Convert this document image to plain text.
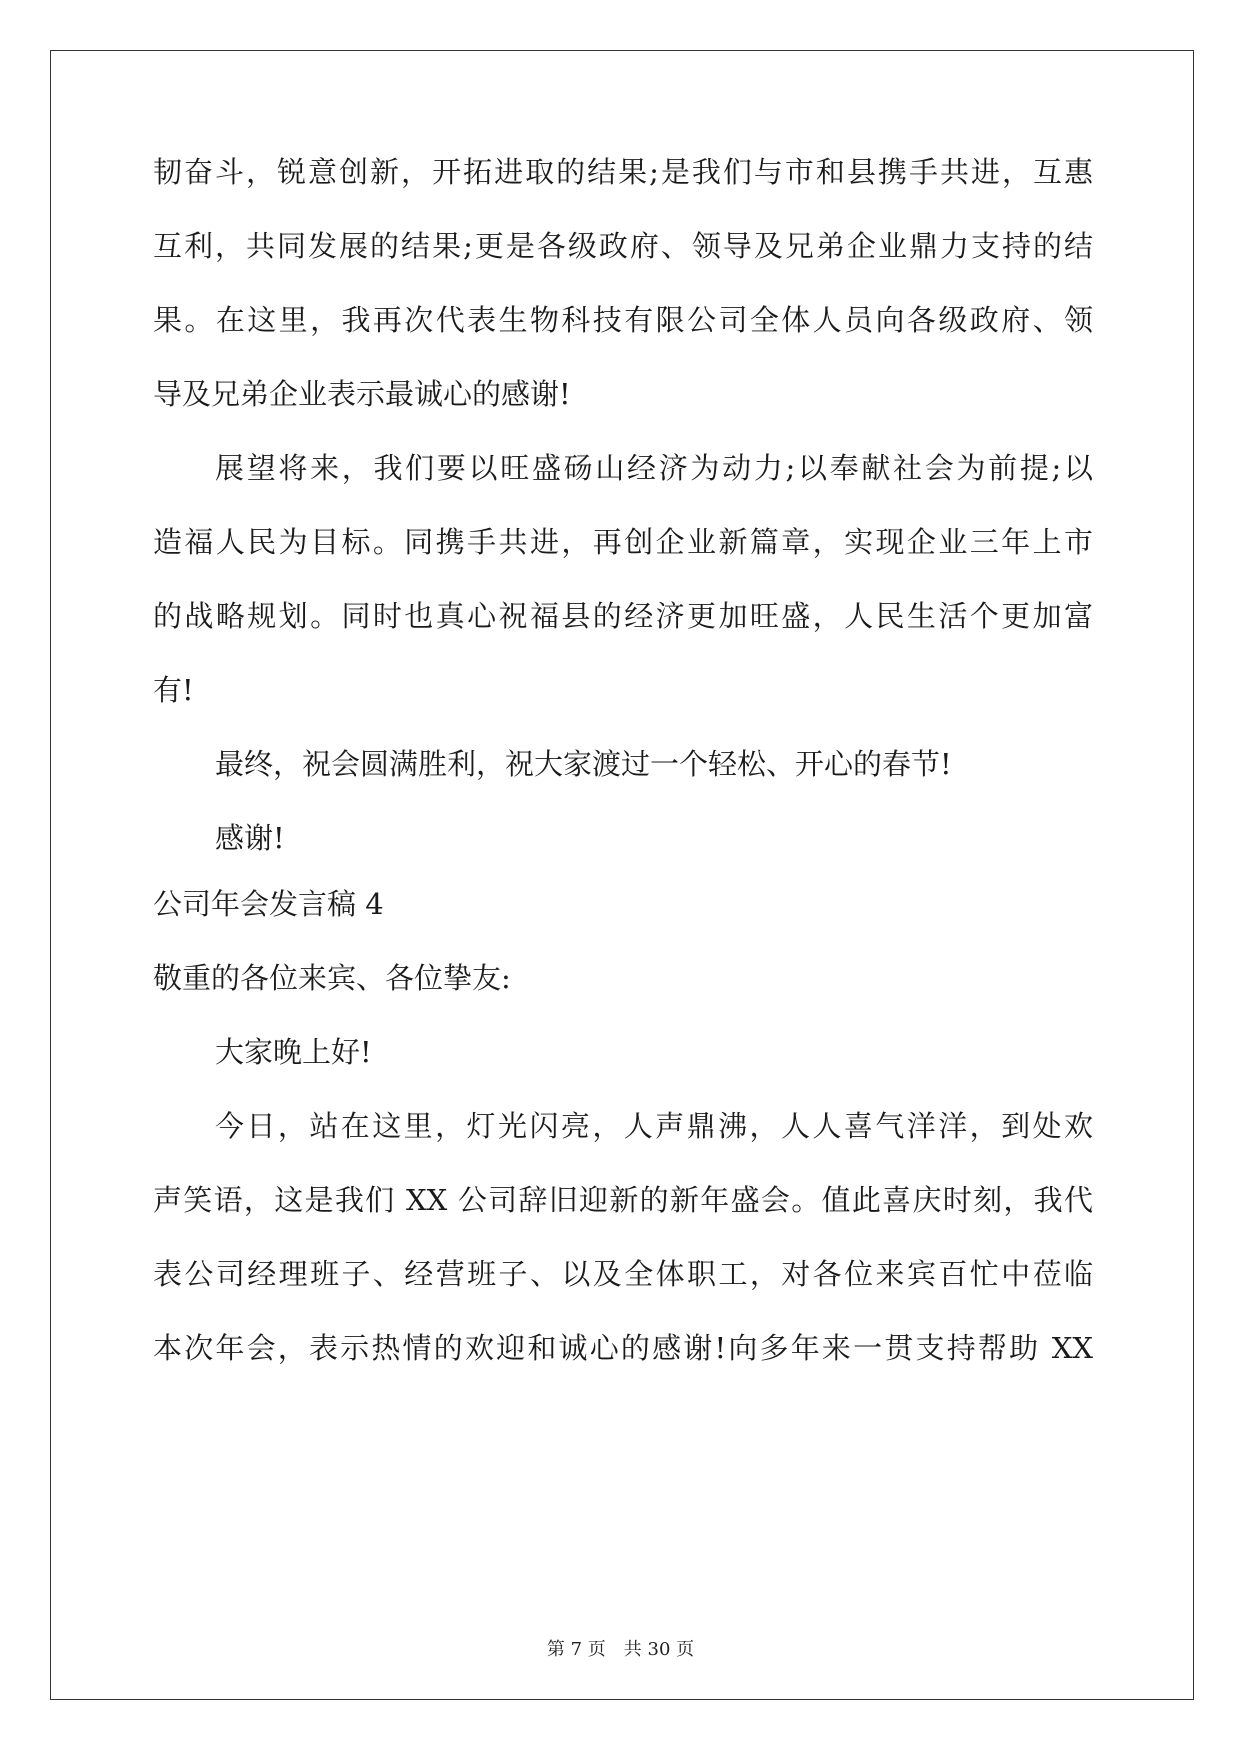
韧奋斗，锐意创新，开拓进取的结果;是我们与市和县携手共进，互惠
互利，共同发展的结果;更是各级政府、领导及兄弟企业鼎力支持的结
果。在这里，我再次代表生物科技有限公司全体人员向各级政府、领
导及兄弟企业表示最诚心的感谢!
展望将来，我们要以旺盛砀山经济为动力;以奉献社会为前提;以
造福人民为目标。同携手共进，再创企业新篇章，实现企业三年上市
的战略规划。同时也真心祝福县的经济更加旺盛，人民生活个更加富
有!
最终，祝会圆满胜利，祝大家渡过一个轻松、开心的春节!
感谢!
公司年会发言稿 4
敬重的各位来宾、各位挚友:
大家晚上好!
今日，站在这里，灯光闪亮，人声鼎沸，人人喜气洋洋，到处欢
声笑语，这是我们 XX 公司辞旧迎新的新年盛会。值此喜庆时刻，我代
表公司经理班子、经营班子、以及全体职工，对各位来宾百忙中莅临
本次年会，表示热情的欢迎和诚心的感谢!向多年来一贯支持帮助 XX
第 7 页　共 30 页
